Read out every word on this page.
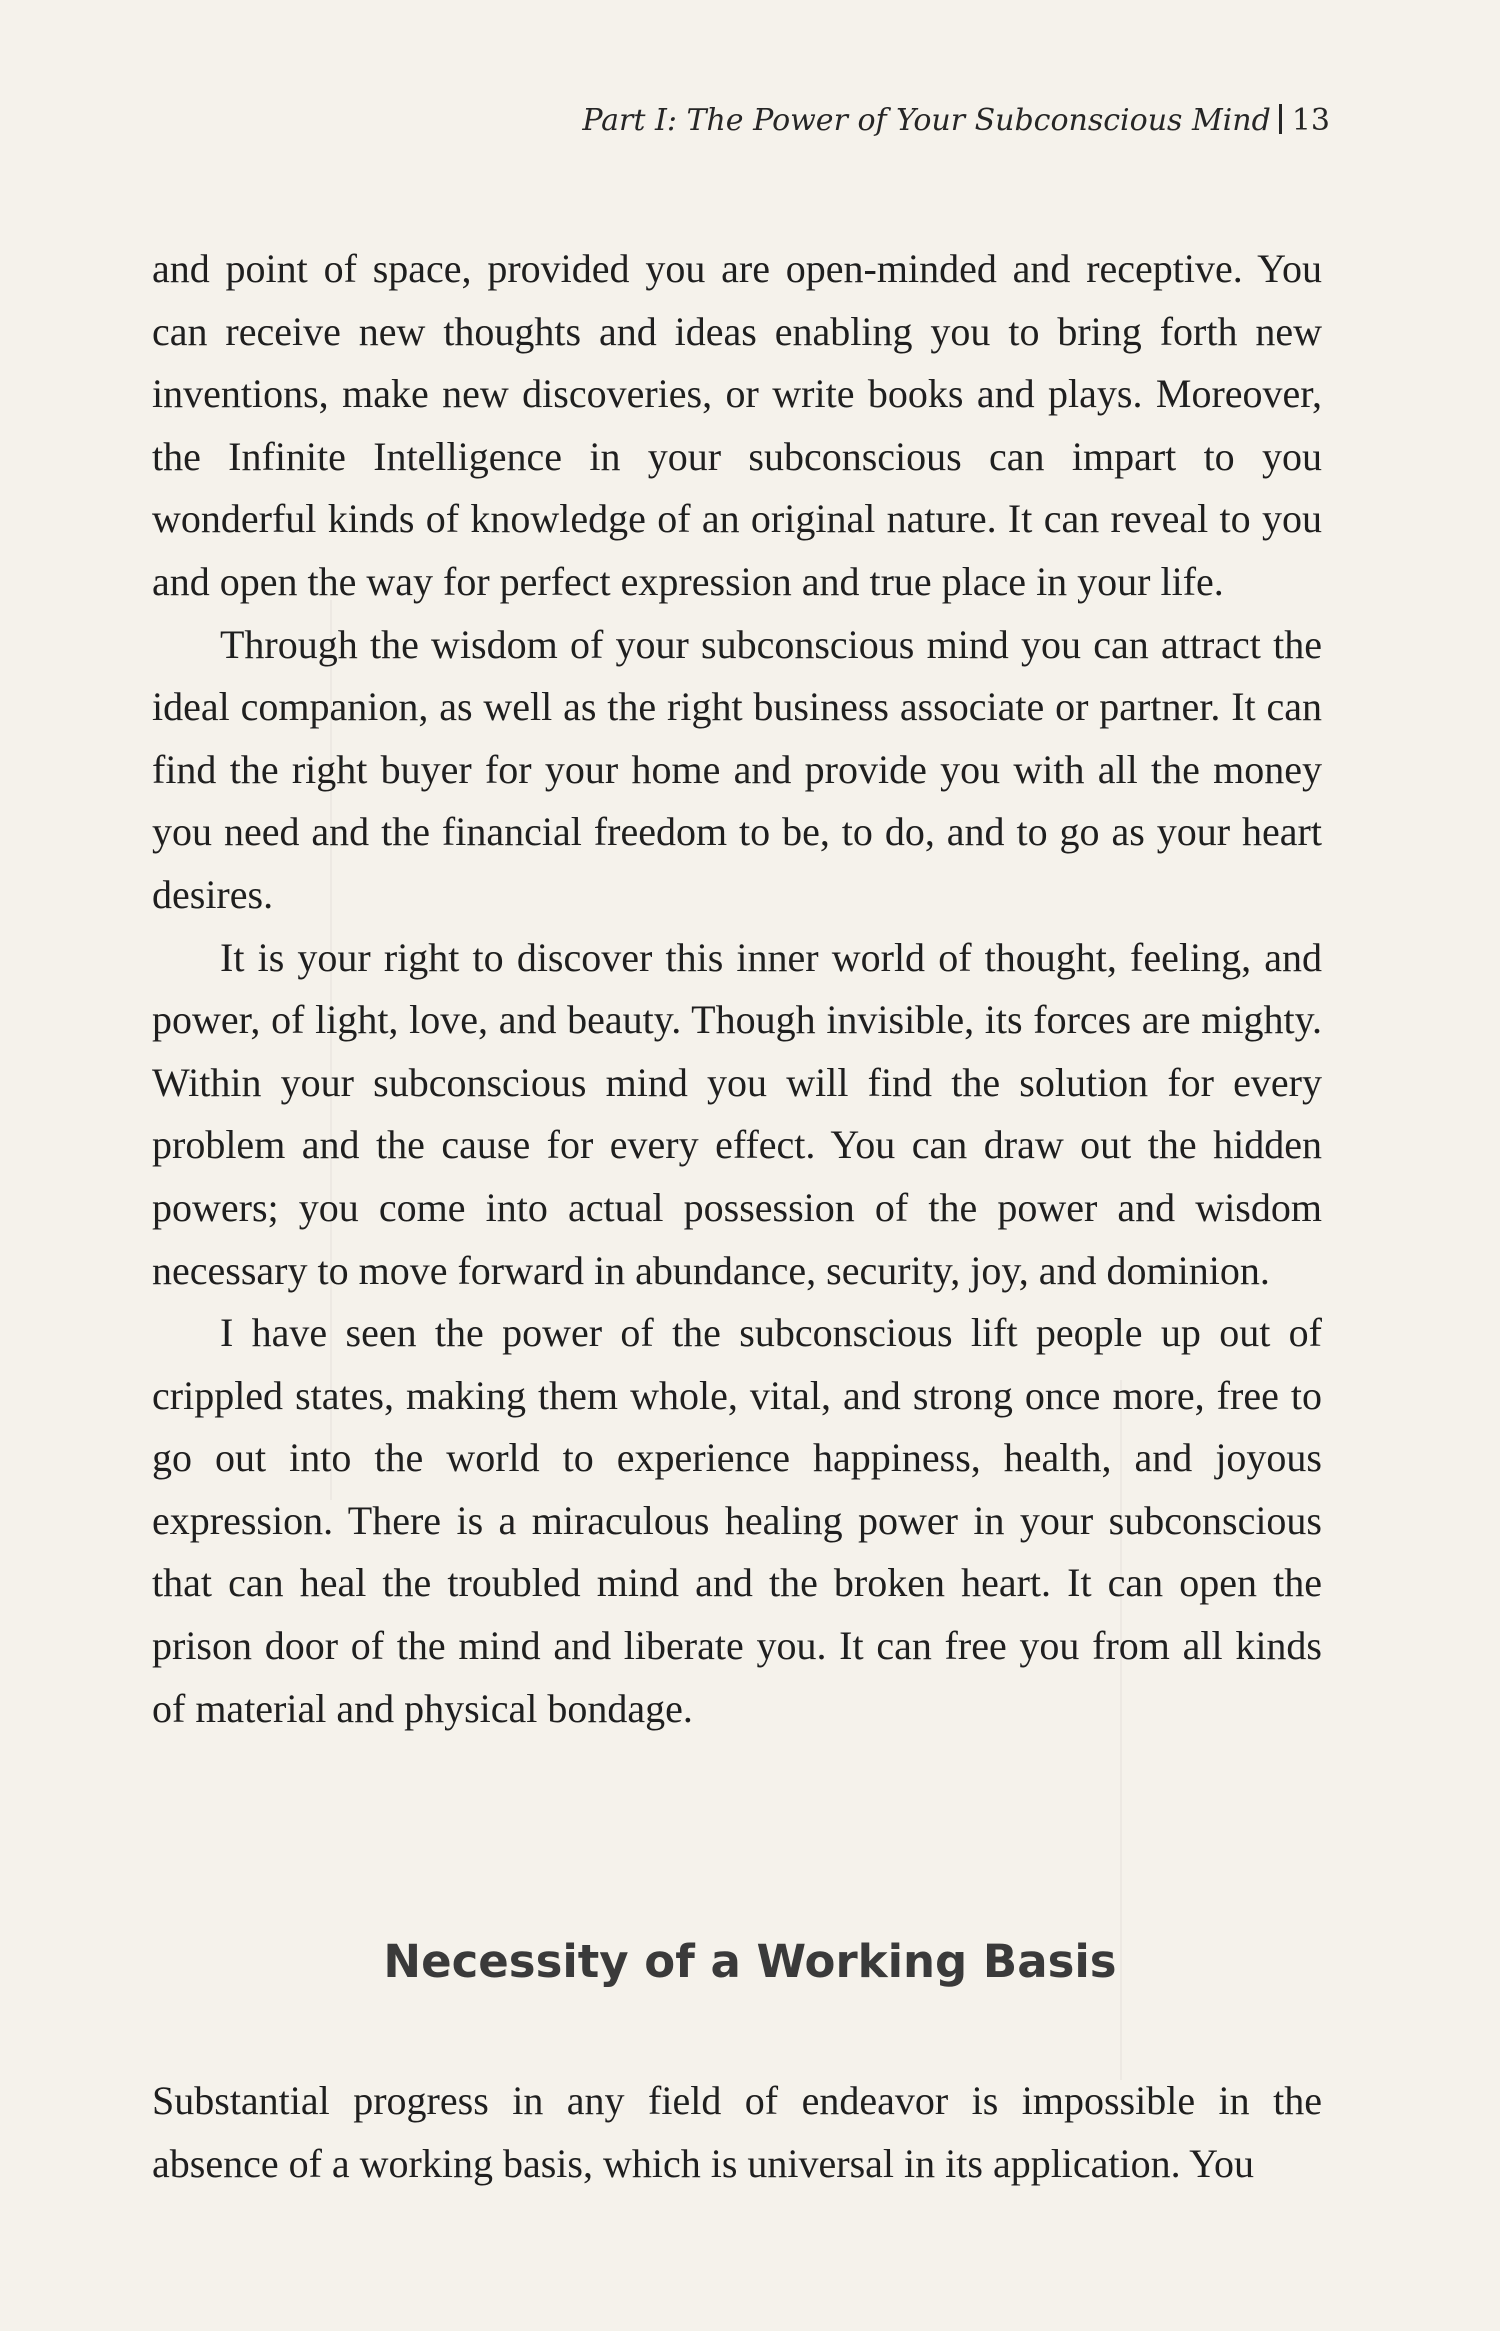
Part I: The Power of Your Subconscious Mind 13

and point of space, provided you are open-minded and receptive. You can receive new thoughts and ideas enabling you to bring forth new inventions, make new discoveries, or write books and plays. Moreover, the Infinite Intelligence in your subconscious can impart to you wonderful kinds of knowledge of an original nature. It can reveal to you and open the way for perfect expression and true place in your life.

Through the wisdom of your subconscious mind you can attract the ideal companion, as well as the right business associate or partner. It can find the right buyer for your home and provide you with all the money you need and the financial freedom to be, to do, and to go as your heart desires.

It is your right to discover this inner world of thought, feeling, and power, of light, love, and beauty. Though invisible, its forces are mighty. Within your subconscious mind you will find the solution for every problem and the cause for every effect. You can draw out the hidden powers; you come into actual possession of the power and wisdom necessary to move forward in abundance, security, joy, and dominion.

I have seen the power of the subconscious lift people up out of crippled states, making them whole, vital, and strong once more, free to go out into the world to experience happiness, health, and joyous expression. There is a miraculous healing power in your subconscious that can heal the troubled mind and the broken heart. It can open the prison door of the mind and liberate you. It can free you from all kinds of material and physical bondage.

Necessity of a Working Basis

Substantial progress in any field of endeavor is impossible in the absence of a working basis, which is universal in its application. You
